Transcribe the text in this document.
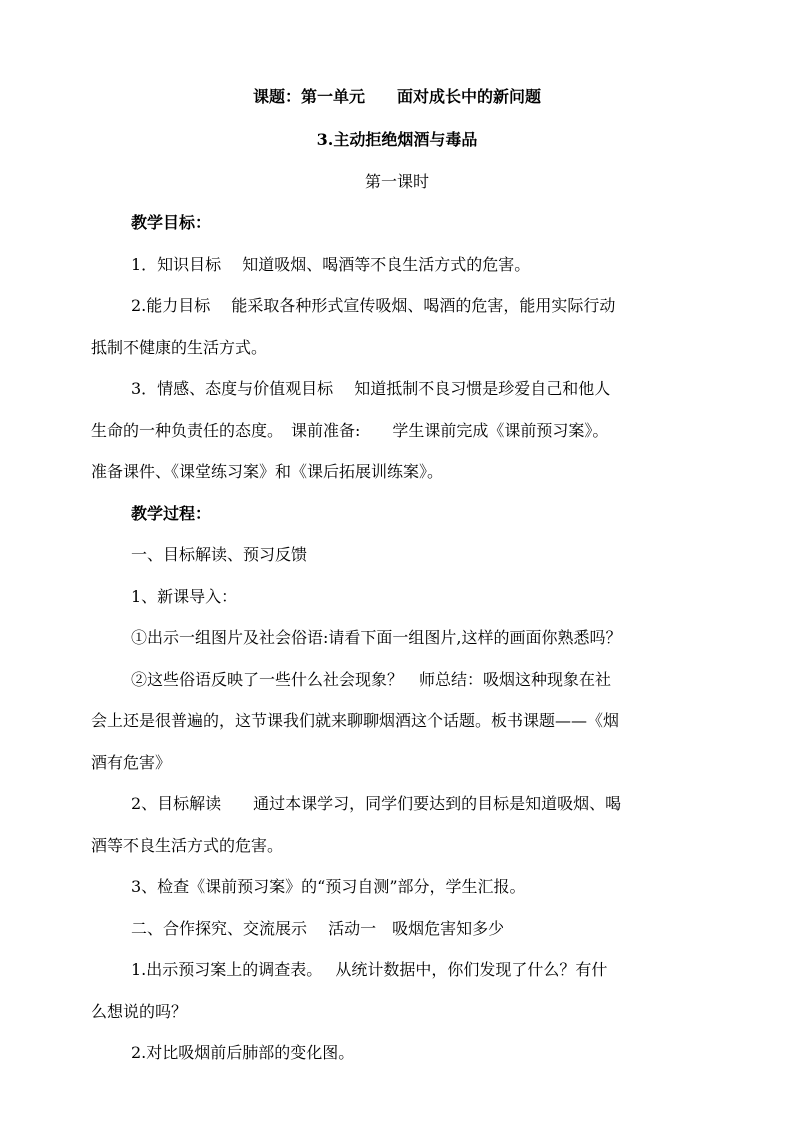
课题：第一单元　　面对成长中的新问题
3.主动拒绝烟酒与毒品
第一课时
教学目标：
1．知识目标　 知道吸烟、喝酒等不良生活方式的危害。
2.能力目标　 能采取各种形式宣传吸烟、喝酒的危害，能用实际行动
抵制不健康的生活方式。
3．情感、态度与价值观目标　 知道抵制不良习惯是珍爱自己和他人
生命的一种负责任的态度。　课前准备:　　学生课前完成《课前预习案》。
准备课件、《课堂练习案》和《课后拓展训练案》。
教学过程：
一、目标解读、预习反馈
1、新课导入：
①出示一组图片及社会俗语:请看下面一组图片,这样的画面你熟悉吗？
②这些俗语反映了一些什么社会现象？　师总结：吸烟这种现象在社
会上还是很普遍的，这节课我们就来聊聊烟酒这个话题。板书课题——《烟
酒有危害》
2、目标解读　　通过本课学习，同学们要达到的目标是知道吸烟、喝
酒等不良生活方式的危害。
3、检查《课前预习案》的“预习自测”部分，学生汇报。
二、合作探究、交流展示　 活动一　吸烟危害知多少
1.出示预习案上的调查表。　 从统计数据中，你们发现了什么？有什
么想说的吗？
2.对比吸烟前后肺部的变化图。
